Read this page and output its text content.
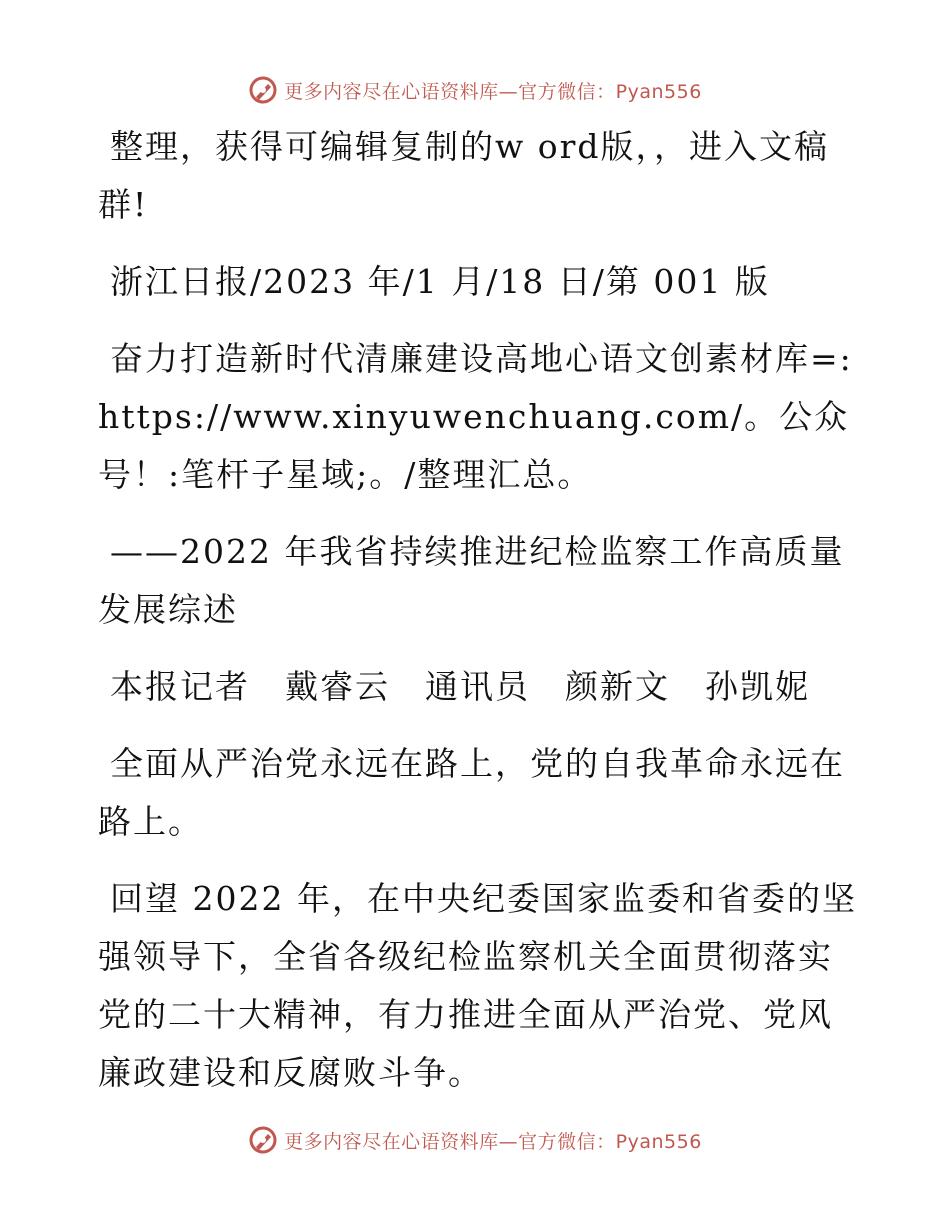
更多内容尽在心语资料库—官方微信：Pyan556

整理，获得可编辑复制的w ord版，，进入文稿群!

浙江日报/2023 年/1 月/18 日/第 001 版

奋力打造新时代清廉建设高地心语文创素材库=:https://www.xinyuwenchuang.com/。公众号！:笔杆子星域;。/整理汇总。

——2022 年我省持续推进纪检监察工作高质量发展综述

本报记者　戴睿云　通讯员　颜新文　孙凯妮

全面从严治党永远在路上，党的自我革命永远在路上。

回望 2022 年，在中央纪委国家监委和省委的坚强领导下，全省各级纪检监察机关全面贯彻落实党的二十大精神，有力推进全面从严治党、党风廉政建设和反腐败斗争。

更多内容尽在心语资料库—官方微信：Pyan556
